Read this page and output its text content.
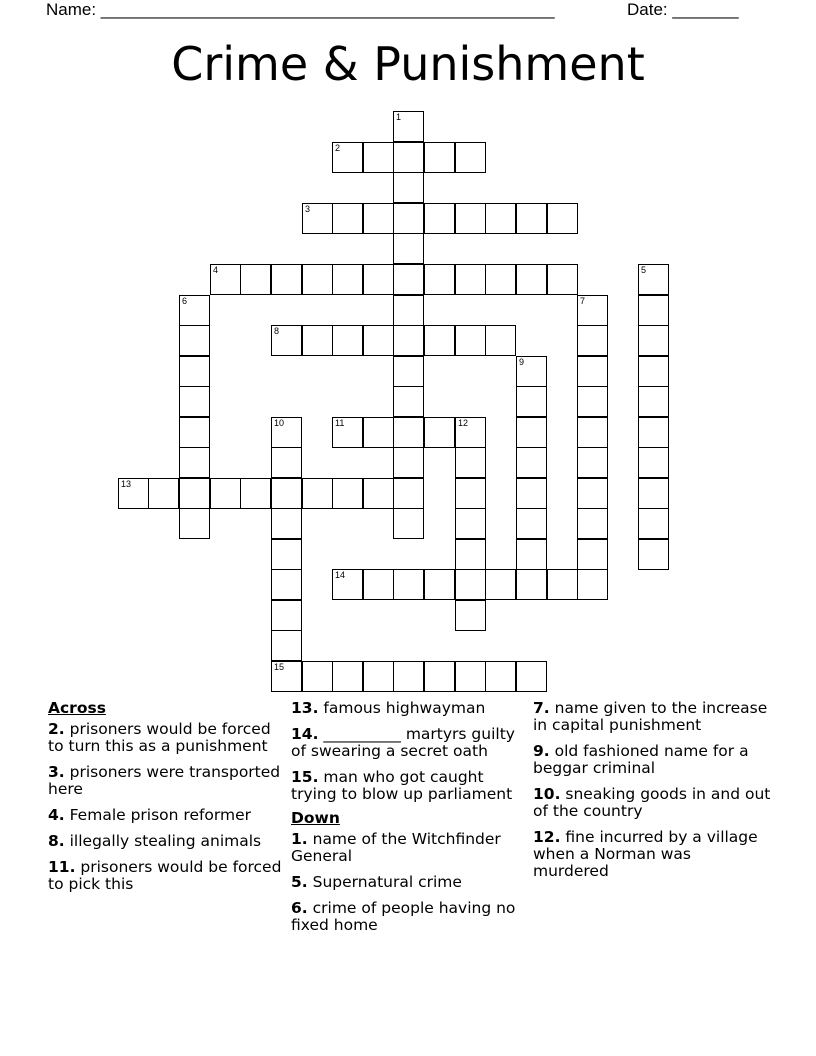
Name: ________________________________________________	Date: _______
Crime & Punishment
1
2
3
4	5
6	7
8
9
10
15
11	12
13
14
Across
2. prisoners would be forced to turn this as a punishment
3. prisoners were transported here
4. Female prison reformer
8. illegally stealing animals
11. prisoners would be forced to pick this
13. famous highwayman
14. __________ martyrs guilty of swearing a secret oath
15. man who got caught trying to blow up parliament
Down
1. name of the Witchfinder General
5. Supernatural crime
6. crime of people having no fixed home
7. name given to the increase in capital punishment
9. old fashioned name for a beggar criminal
10. sneaking goods in and out of the country
12. fine incurred by a village when a Norman was murdered
